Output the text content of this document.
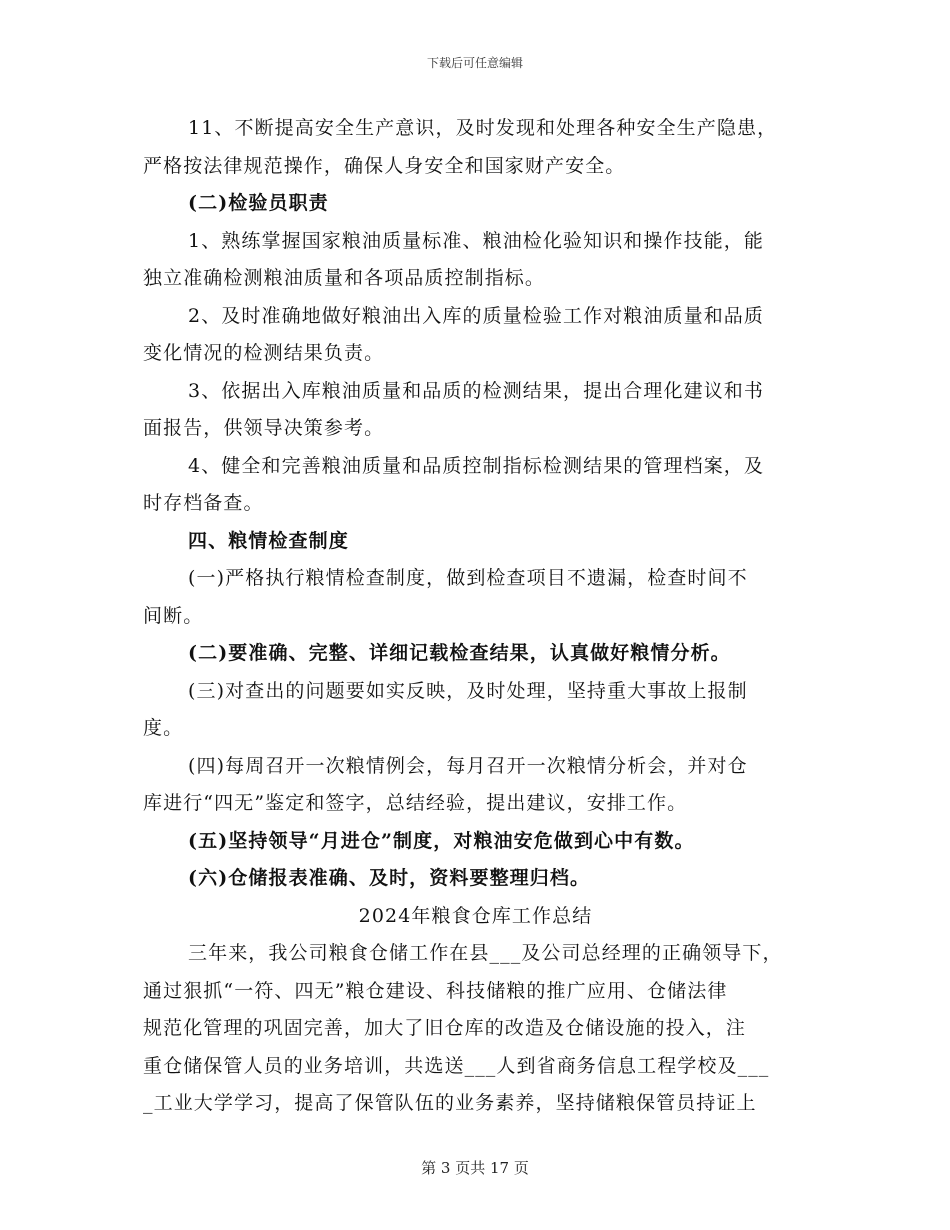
下载后可任意编辑
11、不断提高安全生产意识，及时发现和处理各种安全生产隐患，
严格按法律规范操作，确保人身安全和国家财产安全。
(二)检验员职责
1、熟练掌握国家粮油质量标准、粮油检化验知识和操作技能，能
独立准确检测粮油质量和各项品质控制指标。
2、及时准确地做好粮油出入库的质量检验工作对粮油质量和品质
变化情况的检测结果负责。
3、依据出入库粮油质量和品质的检测结果，提出合理化建议和书
面报告，供领导决策参考。
4、健全和完善粮油质量和品质控制指标检测结果的管理档案，及
时存档备查。
四、粮情检查制度
(一)严格执行粮情检查制度，做到检查项目不遗漏，检查时间不
间断。
(二)要准确、完整、详细记载检查结果，认真做好粮情分析。
(三)对查出的问题要如实反映，及时处理，坚持重大事故上报制
度。
(四)每周召开一次粮情例会，每月召开一次粮情分析会，并对仓
库进行“四无”鉴定和签字，总结经验，提出建议，安排工作。
(五)坚持领导“月进仓”制度，对粮油安危做到心中有数。
(六)仓储报表准确、及时，资料要整理归档。
2024年粮食仓库工作总结
三年来，我公司粮食仓储工作在县___及公司总经理的正确领导下，
通过狠抓“一符、四无”粮仓建设、科技储粮的推广应用、仓储法律
规范化管理的巩固完善，加大了旧仓库的改造及仓储设施的投入，注
重仓储保管人员的业务培训，共选送___人到省商务信息工程学校及___
_工业大学学习，提高了保管队伍的业务素养，坚持储粮保管员持证上
第 3 页共 17 页
